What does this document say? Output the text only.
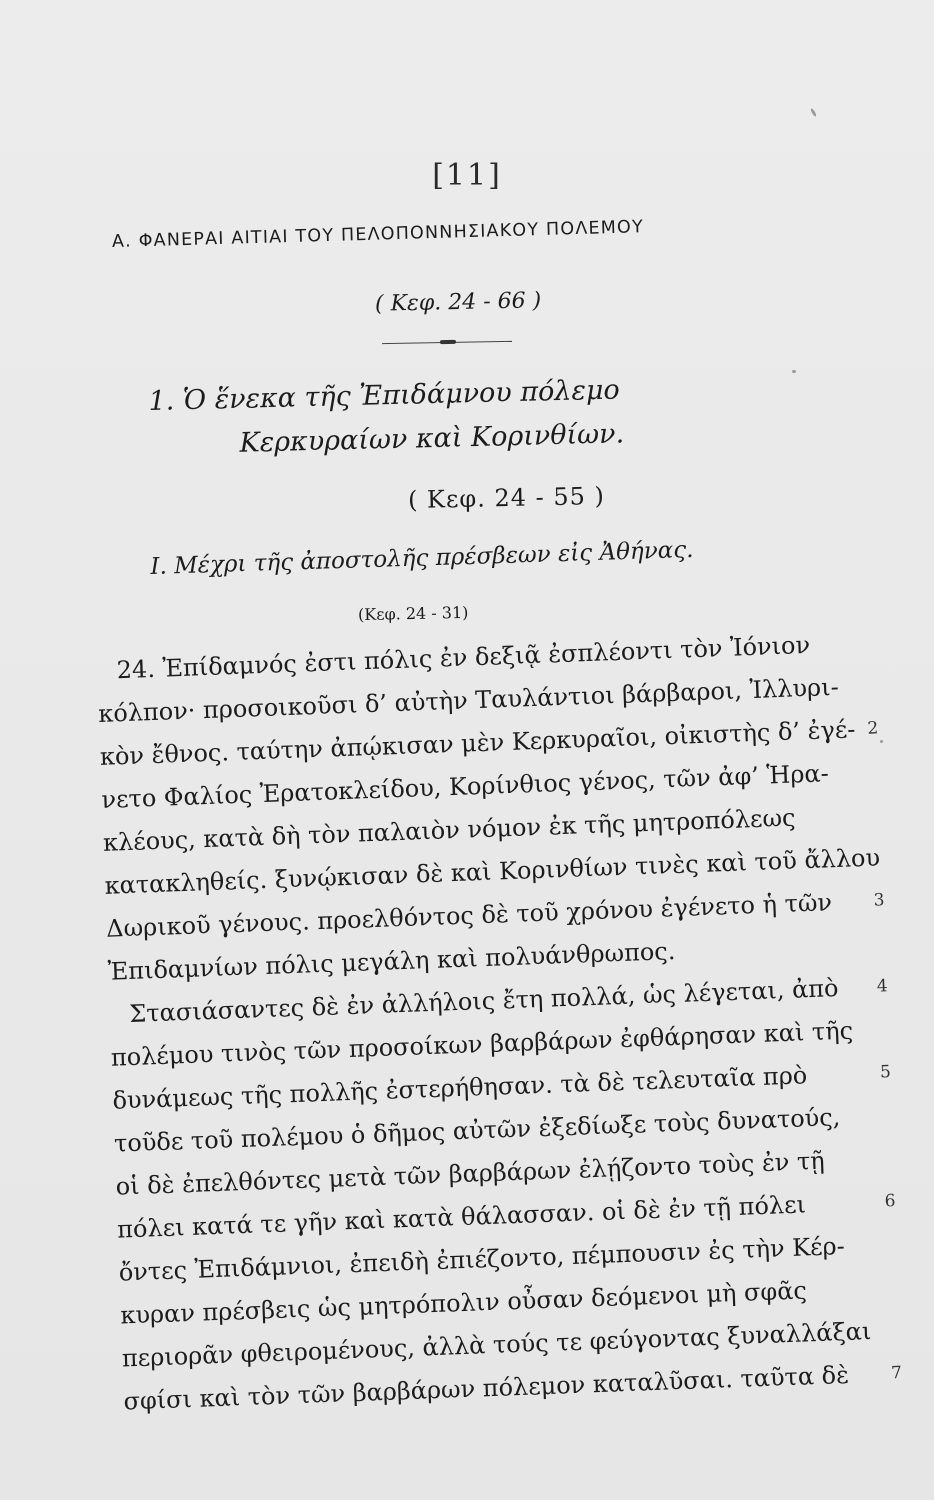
[11]
Α. ΦΑΝΕΡΑΙ ΑΙΤΙΑΙ ΤΟΥ ΠΕΛΟΠΟΝΝΗΣΙΑΚΟΥ ΠΟΛΕΜΟΥ
( Κεφ. 24 - 66 )
1. Ὁ ἕνεκα τῆς Ἐπιδάμνου πόλεμο
Κερκυραίων καὶ Κορινθίων.
( Κεφ. 24 - 55 )
I. Μέχρι τῆς ἀποστολῆς πρέσβεων εἰς Ἀθήνας.
(Κεφ. 24 - 31)
24. Ἐπίδαμνός ἐστι πόλις ἐν δεξιᾷ ἐσπλέοντι τὸν Ἰόνιον
κόλπον· προσοικοῦσι δ’ αὐτὴν Ταυλάντιοι βάρβαροι, Ἰλλυρι-
κὸν ἔθνος. ταύτην ἀπῴκισαν μὲν Κερκυραῖοι, οἰκιστὴς δ’ ἐγέ- 2
νετο Φαλίος Ἐρατοκλείδου, Κορίνθιος γένος, τῶν ἀφ’ Ἡρα-
κλέους, κατὰ δὴ τὸν παλαιὸν νόμον ἐκ τῆς μητροπόλεως
κατακληθείς. ξυνῴκισαν δὲ καὶ Κορινθίων τινὲς καὶ τοῦ ἄλλου
Δωρικοῦ γένους. προελθόντος δὲ τοῦ χρόνου ἐγένετο ἡ τῶν 3
Ἐπιδαμνίων πόλις μεγάλη καὶ πολυάνθρωπος.
Στασιάσαντες δὲ ἐν ἀλλήλοις ἔτη πολλά, ὡς λέγεται, ἀπὸ 4
πολέμου τινὸς τῶν προσοίκων βαρβάρων ἐφθάρησαν καὶ τῆς
δυνάμεως τῆς πολλῆς ἐστερήθησαν. τὰ δὲ τελευταῖα πρὸ	5
τοῦδε τοῦ πολέμου ὁ δῆμος αὐτῶν ἐξεδίωξε τοὺς δυνατούς,
οἱ δὲ ἐπελθόντες μετὰ τῶν βαρβάρων ἐλῄζοντο τοὺς ἐν τῇ
πόλει κατά τε γῆν καὶ κατὰ θάλασσαν. οἱ δὲ ἐν τῇ πόλει	6
ὄντες Ἐπιδάμνιοι, ἐπειδὴ ἐπιέζοντο, πέμπουσιν ἐς τὴν Κέρ-
κυραν πρέσβεις ὡς μητρόπολιν οὖσαν δεόμενοι μὴ σφᾶς
περιορᾶν φθειρομένους, ἀλλὰ τούς τε φεύγοντας ξυναλλάξαι
σφίσι καὶ τὸν τῶν βαρβάρων πόλεμον καταλῦσαι. ταῦτα δὲ 7
